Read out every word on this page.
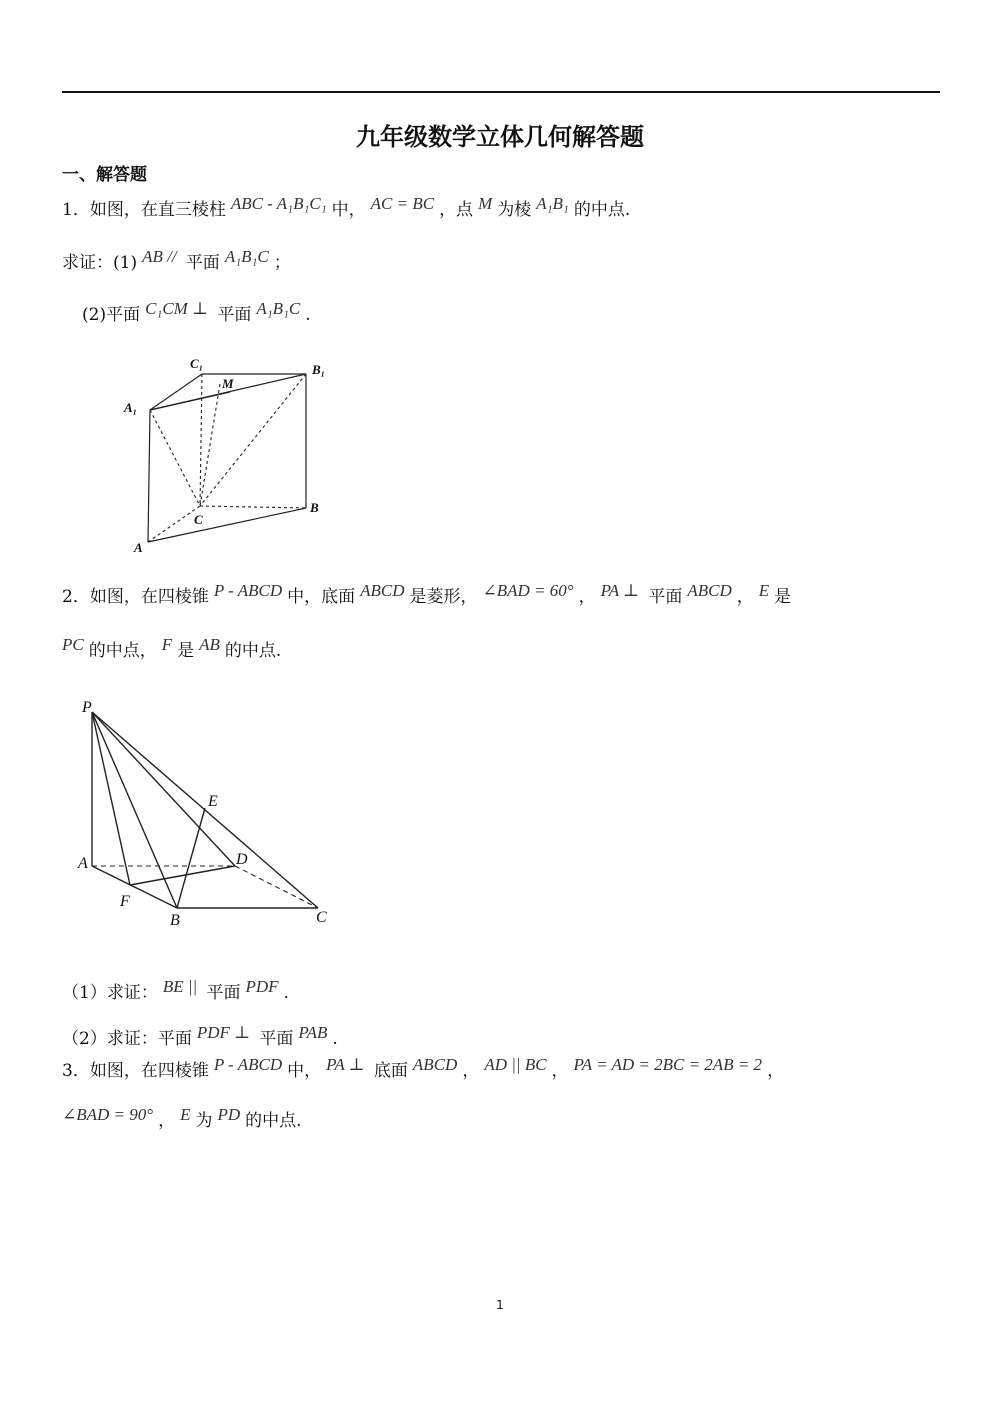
九年级数学立体几何解答题
一、解答题
1．如图，在直三棱柱 ABC - A₁B₁C₁ 中， AC = BC ，点 M 为棱 A₁B₁ 的中点.
求证：(1) AB // 平面 A₁B₁C ；
(2)平面 C₁CM ⊥ 平面 A₁B₁C .
C₁
M
B₁
A₁
C
B
A
P
E
A	D
F
B	C
2．如图，在四棱锥 P - ABCD 中，底面 ABCD 是菱形， ∠BAD = 60° ， PA ⊥ 平面 ABCD ， E 是
PC 的中点， F 是 AB 的中点.
（1）求证： BE || 平面 PDF .
（2）求证：平面 PDF ⊥ 平面 PAB .
3．如图，在四棱锥 P - ABCD 中， PA ⊥ 底面 ABCD ， AD || BC ， PA = AD = 2BC = 2AB = 2 ，
∠BAD = 90° ， E 为 PD 的中点.
1
